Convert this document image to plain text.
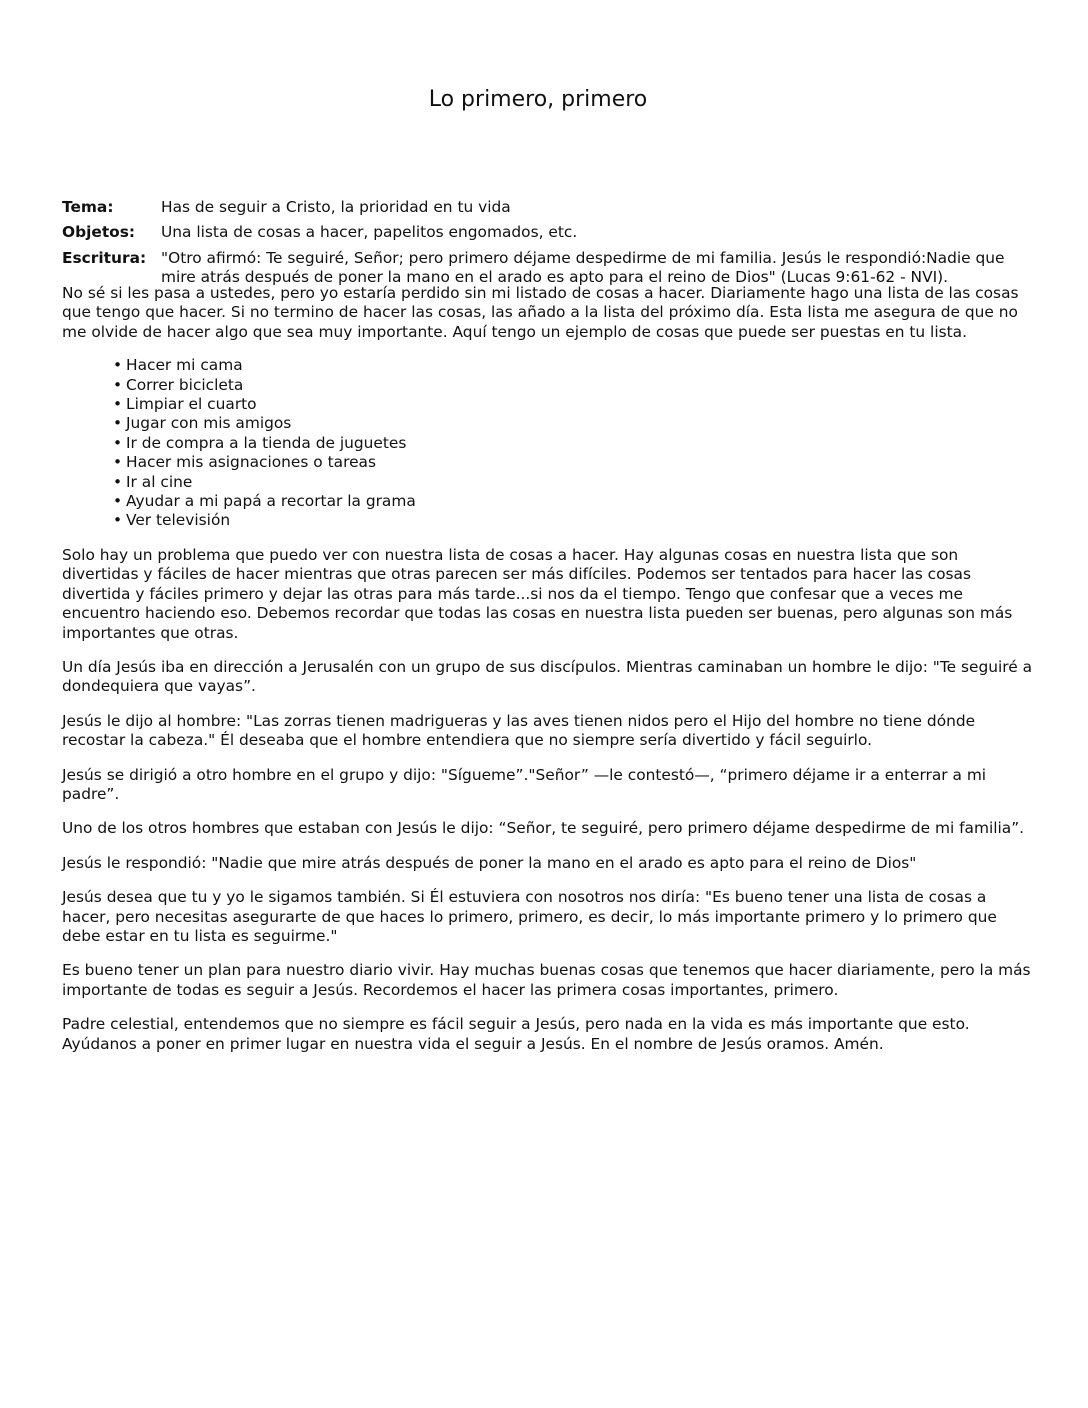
Lo primero, primero
Tema:	Has de seguir a Cristo, la prioridad en tu vida
Objetos:	Una lista de cosas a hacer, papelitos engomados, etc.
Escritura: "Otro afirmó: Te seguiré, Señor; pero primero déjame despedirme de mi familia. Jesús le respondió:Nadie que mire atrás después de poner la mano en el arado es apto para el reino de Dios" (Lucas 9:61-62 - NVI).

No sé si les pasa a ustedes, pero yo estaría perdido sin mi listado de cosas a hacer. Diariamente hago una lista de las cosas que tengo que hacer. Si no termino de hacer las cosas, las añado a la lista del próximo día. Esta lista me asegura de que no me olvide de hacer algo que sea muy importante. Aquí tengo un ejemplo de cosas que puede ser puestas en tu lista.

• Hacer mi cama
• Correr bicicleta
• Limpiar el cuarto
• Jugar con mis amigos
• Ir de compra a la tienda de juguetes
• Hacer mis asignaciones o tareas
• Ir al cine
• Ayudar a mi papá a recortar la grama
• Ver televisión

Solo hay un problema que puedo ver con nuestra lista de cosas a hacer. Hay algunas cosas en nuestra lista que son divertidas y fáciles de hacer mientras que otras parecen ser más difíciles. Podemos ser tentados para hacer las cosas divertida y fáciles primero y dejar las otras para más tarde...si nos da el tiempo. Tengo que confesar que a veces me encuentro haciendo eso. Debemos recordar que todas las cosas en nuestra lista pueden ser buenas, pero algunas son más importantes que otras.

Un día Jesús iba en dirección a Jerusalén con un grupo de sus discípulos. Mientras caminaban un hombre le dijo: "Te seguiré a dondequiera que vayas”.

Jesús le dijo al hombre: "Las zorras tienen madrigueras y las aves tienen nidos pero el Hijo del hombre no tiene dónde recostar la cabeza." Él deseaba que el hombre entendiera que no siempre sería divertido y fácil seguirlo.

Jesús se dirigió a otro hombre en el grupo y dijo: "Sígueme”."Señor” —le contestó—, “primero déjame ir a enterrar a mi padre”.

Uno de los otros hombres que estaban con Jesús le dijo: “Señor, te seguiré, pero primero déjame despedirme de mi familia”.

Jesús le respondió: "Nadie que mire atrás después de poner la mano en el arado es apto para el reino de Dios"

Jesús desea que tu y yo le sigamos también. Si Él estuviera con nosotros nos diría: "Es bueno tener una lista de cosas a hacer, pero necesitas asegurarte de que haces lo primero, primero, es decir, lo más importante primero y lo primero que debe estar en tu lista es seguirme."

Es bueno tener un plan para nuestro diario vivir. Hay muchas buenas cosas que tenemos que hacer diariamente, pero la más importante de todas es seguir a Jesús. Recordemos el hacer las primera cosas importantes, primero.

Padre celestial, entendemos que no siempre es fácil seguir a Jesús, pero nada en la vida es más importante que esto. Ayúdanos a poner en primer lugar en nuestra vida el seguir a Jesús. En el nombre de Jesús oramos. Amén.
